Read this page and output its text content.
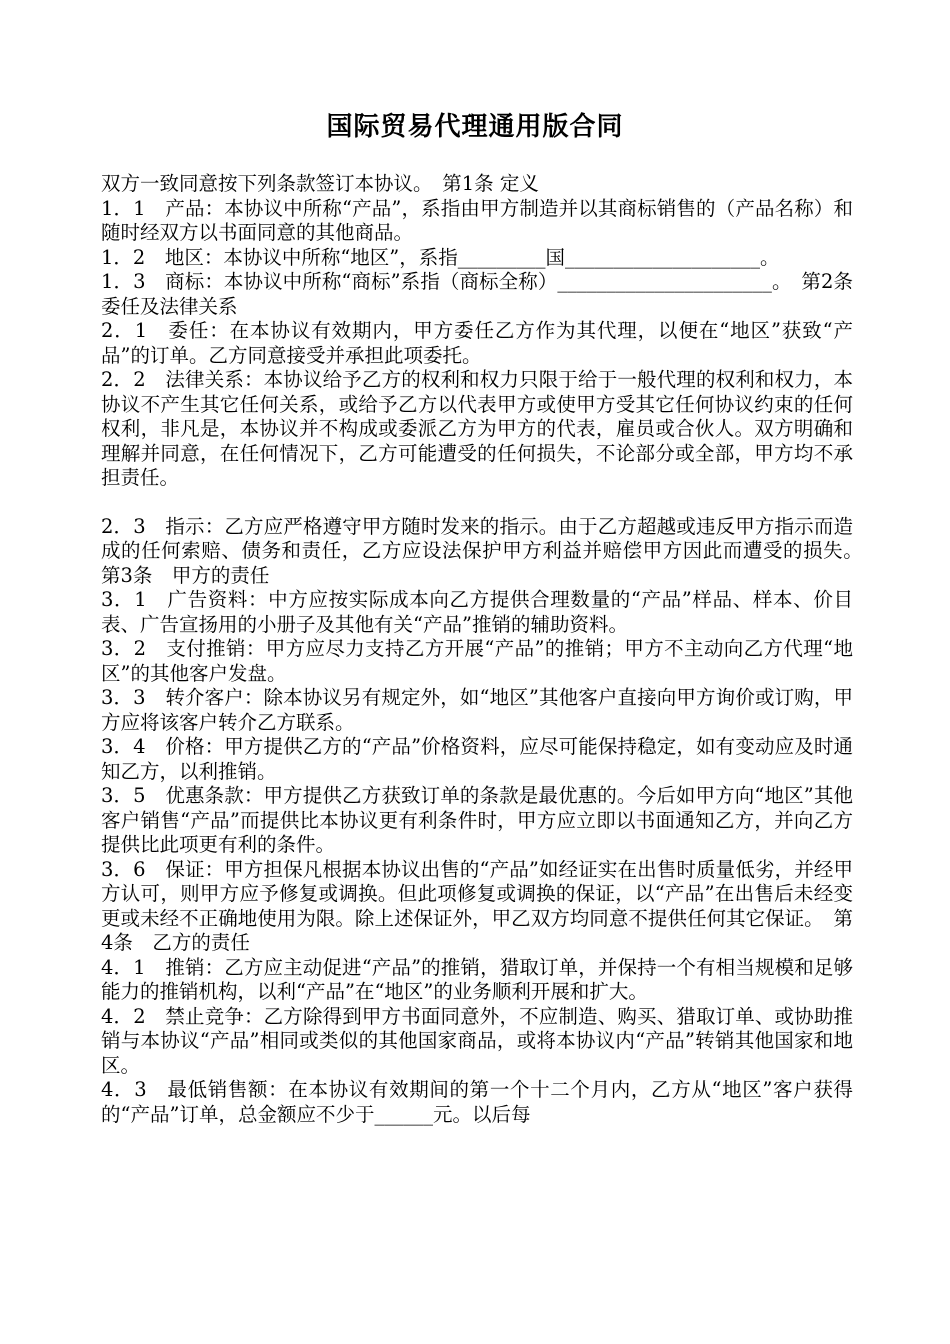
国际贸易代理通用版合同

双方一致同意按下列条款签订本协议。　第1条 定义

1．1　产品：本协议中所称“产品”，系指由甲方制造并以其商标销售的（产品名称）和随时经双方以书面同意的其他商品。

1．2　地区：本协议中所称“地区”，系指_________国____________________。

1．3　商标：本协议中所称“商标”系指（商标全称）______________________。　第2条　委任及法律关系

2．1　委任：在本协议有效期内，甲方委任乙方作为其代理，以便在“地区”获致“产品”的订单。乙方同意接受并承担此项委托。

2．2　法律关系：本协议给予乙方的权利和权力只限于给于一般代理的权利和权力，本协议不产生其它任何关系，或给予乙方以代表甲方或使甲方受其它任何协议约束的任何权利，非凡是，本协议并不构成或委派乙方为甲方的代表，雇员或合伙人。双方明确和理解并同意，在任何情况下，乙方可能遭受的任何损失，不论部分或全部，甲方均不承担责任。

2．3　指示：乙方应严格遵守甲方随时发来的指示。由于乙方超越或违反甲方指示而造成的任何索赔、债务和责任，乙方应设法保护甲方利益并赔偿甲方因此而遭受的损失。　第3条　甲方的责任

3．1　广告资料：中方应按实际成本向乙方提供合理数量的“产品”样品、样本、价目表、广告宣扬用的小册子及其他有关“产品”推销的辅助资料。

3．2　支付推销：甲方应尽力支持乙方开展“产品”的推销；甲方不主动向乙方代理“地区”的其他客户发盘。

3．3　转介客户：除本协议另有规定外，如“地区”其他客户直接向甲方询价或订购，甲方应将该客户转介乙方联系。

3．4　价格：甲方提供乙方的“产品”价格资料，应尽可能保持稳定，如有变动应及时通知乙方，以利推销。

3．5　优惠条款：甲方提供乙方获致订单的条款是最优惠的。今后如甲方向“地区”其他客户销售“产品”而提供比本协议更有利条件时，甲方应立即以书面通知乙方，并向乙方提供比此项更有利的条件。

3．6　保证：甲方担保凡根据本协议出售的“产品”如经证实在出售时质量低劣，并经甲方认可，则甲方应予修复或调换。但此项修复或调换的保证，以“产品”在出售后未经变更或未经不正确地使用为限。除上述保证外，甲乙双方均同意不提供任何其它保证。　第4条　乙方的责任

4．1　推销：乙方应主动促进“产品”的推销，猎取订单，并保持一个有相当规模和足够能力的推销机构，以利“产品”在“地区”的业务顺利开展和扩大。

4．2　禁止竞争：乙方除得到甲方书面同意外，不应制造、购买、猎取订单、或协助推销与本协议“产品”相同或类似的其他国家商品，或将本协议内“产品”转销其他国家和地区。

4．3　最低销售额：在本协议有效期间的第一个十二个月内，乙方从“地区”客户获得的“产品”订单，总金额应不少于______元。以后每
